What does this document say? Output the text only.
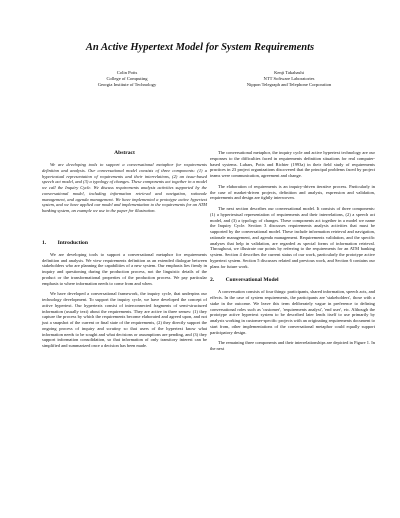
An Active Hypertext Model for System Requirements
Colin Potts
College of Computing
Georgia Institute of Technology
Kenji Takahashi
NTT Software Laboratories
Nippon Telegraph and Telephone Corporation
Abstract

We are developing tools to support a conversational metaphor for requirements definition and analysis. Our conversational model consists of three components: (1) a hypertextual representation of requirements and their interrelations, (2) an issue-based speech act model, and (3) a typology of changes. These components act together in a model we call the Inquiry Cycle. We discuss requirements analysis activities supported by the conversational model, including information retrieval and navigation, rationale management, and agenda management. We have implemented a prototype active hypertext system, and we have applied our model and implementation to the requirements for an ATM banking system, an example we use in the paper for illustration.

1. Introduction

We are developing tools to support a conversational metaphor for requirements definition and analysis. We view requirements definition as an extended dialogue between stakeholders who are planning the capabilities of a new system. Our emphasis lies firmly in inquiry and questioning during the production process, not the linguistic details of the product or the transformational properties of the production process. We pay particular emphasis to where information needs to come from and when.

We have developed a conversational framework, the inquiry cycle, that underpins our technology development. To support the inquiry cycle, we have developed the concept of active hypertext. Our hypertexts consist of interconnected fragments of semi-structured information (usually text) about the requirements. They are active in three senses: (1) they capture the process by which the requirements become elaborated and agreed upon, and not just a snapshot of the current or final state of the requirements, (2) they directly support the ongoing process of inquiry and scrutiny so that users of the hypertext know what information needs to be sought and what decisions or assumptions are pending, and (3) they support information consolidation, so that information of only transitory interest can be simplified and summarized once a decision has been made.

The conversational metaphor, the inquiry cycle and active hypertext technology are our responses to the difficulties faced in requirements definition situations for real computer-based systems. Lubars, Potts and Richter (1993a) in their field study of requirements practices in 23 project organizations discovered that the principal problems faced by project teams were communication, agreement and change.

The elaboration of requirements is an inquiry-driven iterative process. Particularly in the case of market-driven projects, definition and analysis, expression and validation, requirements and design are tightly interwoven.

The next section describes our conversational model. It consists of three components: (1) a hypertextual representation of requirements and their interrelations, (2) a speech act model, and (3) a typology of changes. These components act together in a model we name the Inquiry Cycle. Section 3 discusses requirements analysis activities that must be supported by the conversational model. These include information retrieval and navigation, rationale management, and agenda management. Requirements validation, and the specific analyses that help in validation, are regarded as special forms of information retrieval. Throughout, we illustrate our points by referring to the requirements for an ATM banking system. Section 4 describes the current status of our work, particularly the prototype active hypertext system. Section 5 discusses related and previous work, and Section 6 contains our plans for future work.

2. Conversational Model

A conversation consists of four things: participants, shared information, speech acts, and effects. In the case of system requirements, the participants are 'stakeholders', those with a stake in the outcome. We leave this term deliberately vague in preference to defining conversational roles such as 'customer', 'requirements analyst', 'end user', etc. Although the prototype active hypertext system to be described later lends itself to use primarily by analysts working in customer-specific projects with an originating requirements document to start from, other implementations of the conversational metaphor could equally support participatory design.

The remaining three components and their interrelationships are depicted in Figure 1. In the next
